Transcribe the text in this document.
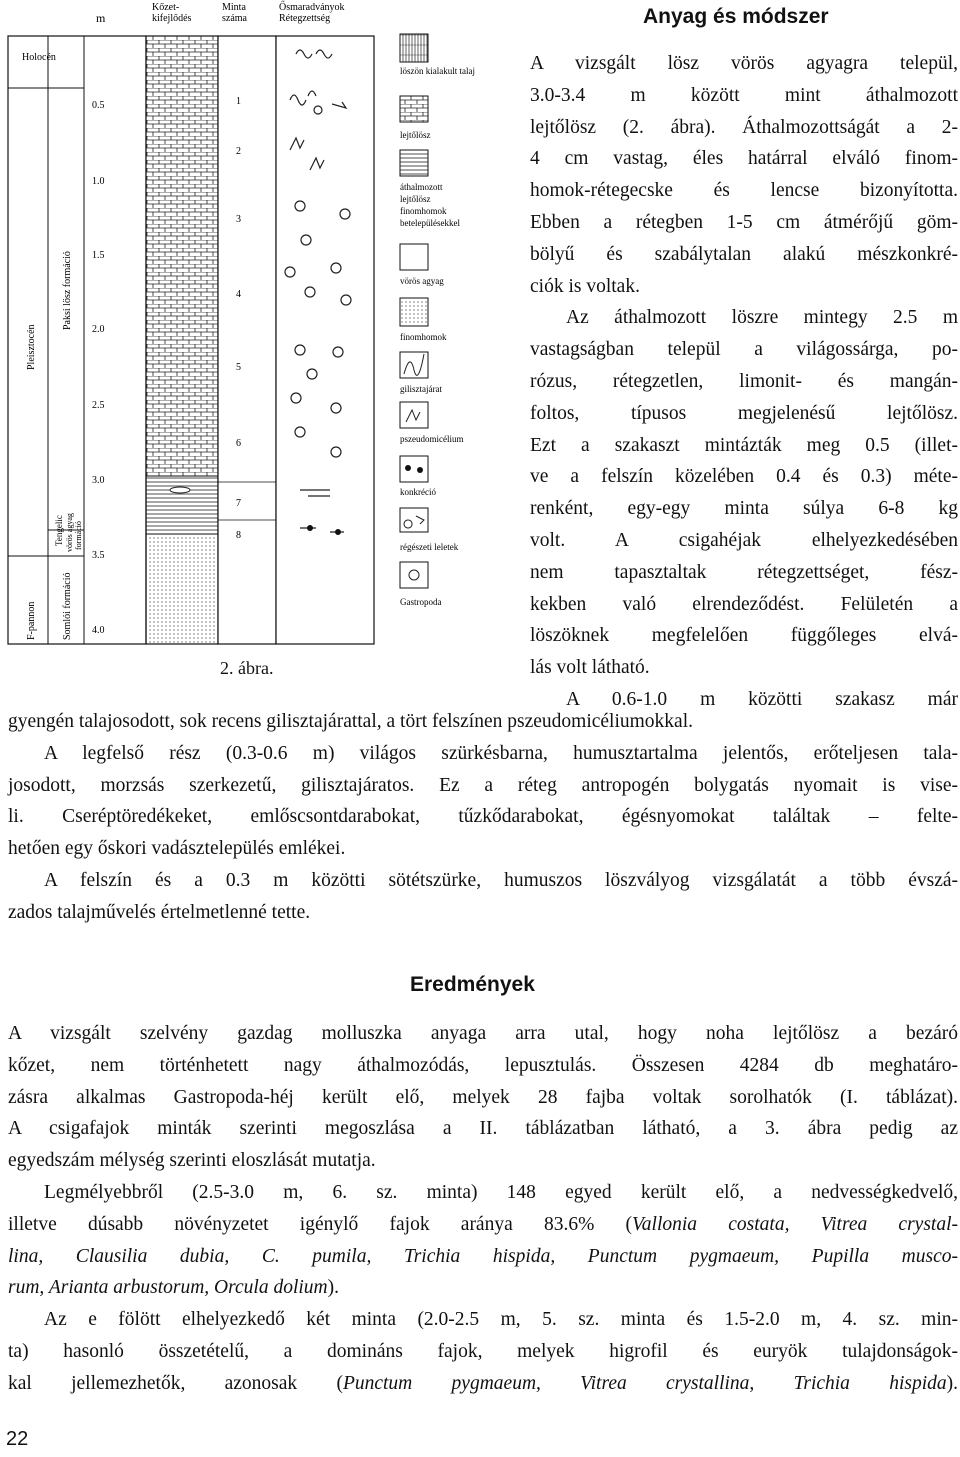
Anyag és módszer
m
Kőzet-kifejlődés
Minta száma
Ősmaradványok Rétegzettség
Holocén
Pleisztocén
F-pannon
Paksi lösz formáció
Tengelic vörös agyag formáció
Somlói formáció
0.5
1.0
1.5
2.0
2.5
3.0
3.5
4.0
1
2
3
4
5
6
7
8
löszön kialakult talaj
lejtőlösz
áthalmozott
lejtőlösz
finomhomok
betelepülésekkel
vörös agyag
finomhomok
gilisztajárat
pszeudomicélium
konkréció
régészeti leletek
Gastropoda
2. ábra.
A vizsgált lösz vörös agyagra települ,
3.0-3.4 m között mint áthalmozott
lejtőlösz (2. ábra). Áthalmozottságát a 2-
4 cm vastag, éles határral elváló finom-
homok-rétegecske és lencse bizonyította.
Ebben a rétegben 1-5 cm átmérőjű göm-
bölyű és szabálytalan alakú mészkonkré-
ciók is voltak.
Az áthalmozott löszre mintegy 2.5 m
vastagságban települ a világossárga, po-
rózus, rétegzetlen, limonit- és mangán-
foltos, típusos megjelenésű lejtőlösz.
Ezt a szakaszt mintázták meg 0.5 (illet-
ve a felszín közelében 0.4 és 0.3) méte-
renként, egy-egy minta súlya 6-8 kg
volt. A csigahéjak elhelyezkedésében
nem tapasztaltak rétegzettséget, fész-
kekben való elrendeződést. Felületén a
löszöknek megfelelően függőleges elvá-
lás volt látható.
A 0.6-1.0 m közötti szakasz már
gyengén talajosodott, sok recens gilisztajárattal, a tört felszínen pszeudomicéliumokkal.
A legfelső rész (0.3-0.6 m) világos szürkésbarna, humusztartalma jelentős, erőteljesen tala-
josodott, morzsás szerkezetű, gilisztajáratos. Ez a réteg antropogén bolygatás nyomait is vise-
li. Cseréptöredékeket, emlőscsontdarabokat, tűzkődarabokat, égésnyomokat találtak – felte-
hetően egy őskori vadásztelepülés emlékei.
A felszín és a 0.3 m közötti sötétszürke, humuszos löszvályog vizsgálatát a több évszá-
zados talajművelés értelmetlenné tette.
Eredmények
A vizsgált szelvény gazdag molluszka anyaga arra utal, hogy noha lejtőlösz a bezáró
kőzet, nem történhetett nagy áthalmozódás, lepusztulás. Összesen 4284 db meghatáro-
zásra alkalmas Gastropoda-héj került elő, melyek 28 fajba voltak sorolhatók (I. táblázat).
A csigafajok minták szerinti megoszlása a II. táblázatban látható, a 3. ábra pedig az
egyedszám mélység szerinti eloszlását mutatja.
Legmélyebbről (2.5-3.0 m, 6. sz. minta) 148 egyed került elő, a nedvességkedvelő,
illetve dúsabb növényzetet igénylő fajok aránya 83.6% (Vallonia costata, Vitrea crystal-
lina, Clausilia dubia, C. pumila, Trichia hispida, Punctum pygmaeum, Pupilla musco-
rum, Arianta arbustorum, Orcula dolium).
Az e fölött elhelyezkedő két minta (2.0-2.5 m, 5. sz. minta és 1.5-2.0 m, 4. sz. min-
ta) hasonló összetételű, a domináns fajok, melyek higrofil és euryök tulajdonságok-
kal jellemezhetők, azonosak (Punctum pygmaeum, Vitrea crystallina, Trichia hispida).
22
